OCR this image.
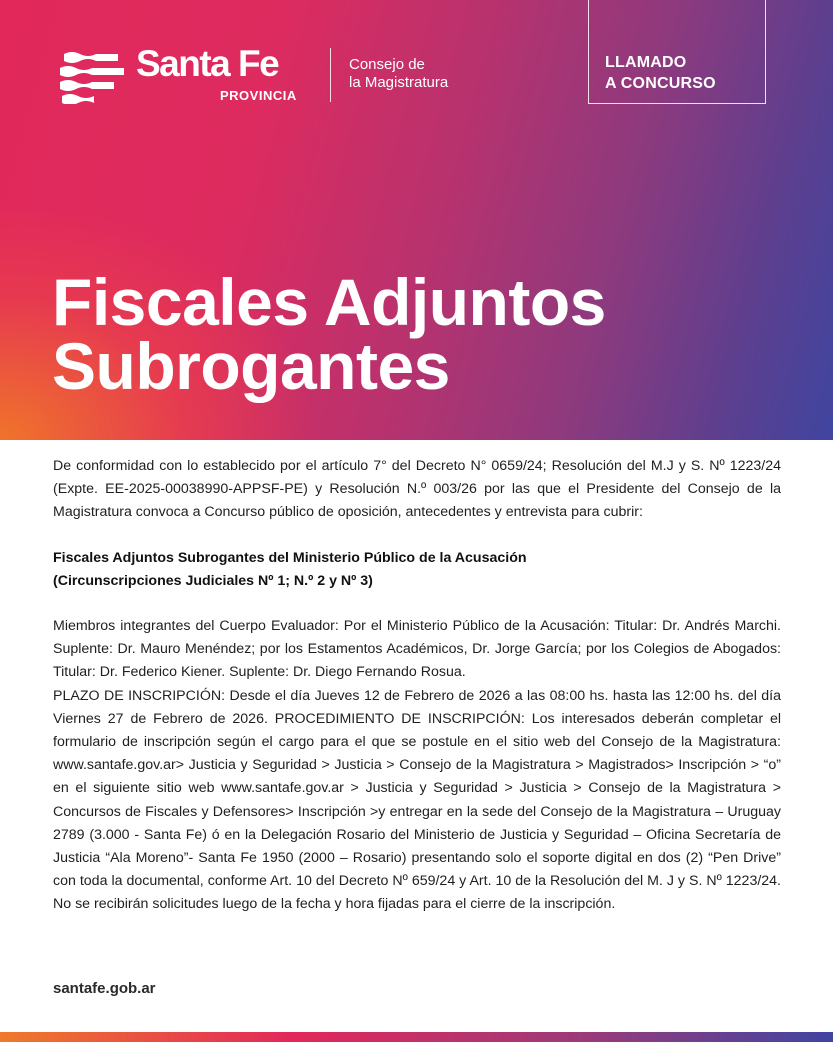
Santa Fe
PROVINCIA
Consejo de
la Magistratura
LLAMADO
A CONCURSO
Fiscales Adjuntos
Subrogantes

De conformidad con lo establecido por el artículo 7° del Decreto N° 0659/24; Resolución del M.J y S. Nº 1223/24 (Expte. EE-2025-00038990-APPSF-PE) y Resolución N.º 003/26 por las que el Presidente del Consejo de la Magistratura convoca a Concurso público de oposición, antecedentes y entrevista para cubrir:

Fiscales Adjuntos Subrogantes del Ministerio Público de la Acusación
(Circunscripciones Judiciales Nº 1; N.º 2 y Nº 3)

Miembros integrantes del Cuerpo Evaluador: Por el Ministerio Público de la Acusación: Titular: Dr. Andrés Marchi. Suplente: Dr. Mauro Menéndez; por los Estamentos Académicos, Dr. Jorge García; por los Colegios de Abogados: Titular: Dr. Federico Kiener. Suplente: Dr. Diego Fernando Rosua.

PLAZO DE INSCRIPCIÓN: Desde el día Jueves 12 de Febrero de 2026 a las 08:00 hs. hasta las 12:00 hs. del día Viernes 27 de Febrero de 2026. PROCEDIMIENTO DE INSCRIPCIÓN: Los interesados deberán completar el formulario de inscripción según el cargo para el que se postule en el sitio web del Consejo de la Magistratura: www.santafe.gov.ar> Justicia y Seguridad > Justicia > Consejo de la Magistratura > Magistrados> Inscripción > “o” en el siguiente sitio web www.santafe.gov.ar > Justicia y Seguridad > Justicia > Consejo de la Magistratura > Concursos de Fiscales y Defensores> Inscripción >y entregar en la sede del Consejo de la Magistratura – Uruguay 2789 (3.000 - Santa Fe) ó en la Delegación Rosario del Ministerio de Justicia y Seguridad – Oficina Secretaría de Justicia “Ala Moreno”- Santa Fe 1950 (2000 – Rosario) presentando solo el soporte digital en dos (2) “Pen Drive” con toda la documental, conforme Art. 10 del Decreto Nº 659/24 y Art. 10 de la Resolución del M. J y S. Nº 1223/24. No se recibirán solicitudes luego de la fecha y hora fijadas para el cierre de la inscripción.

santafe.gob.ar
